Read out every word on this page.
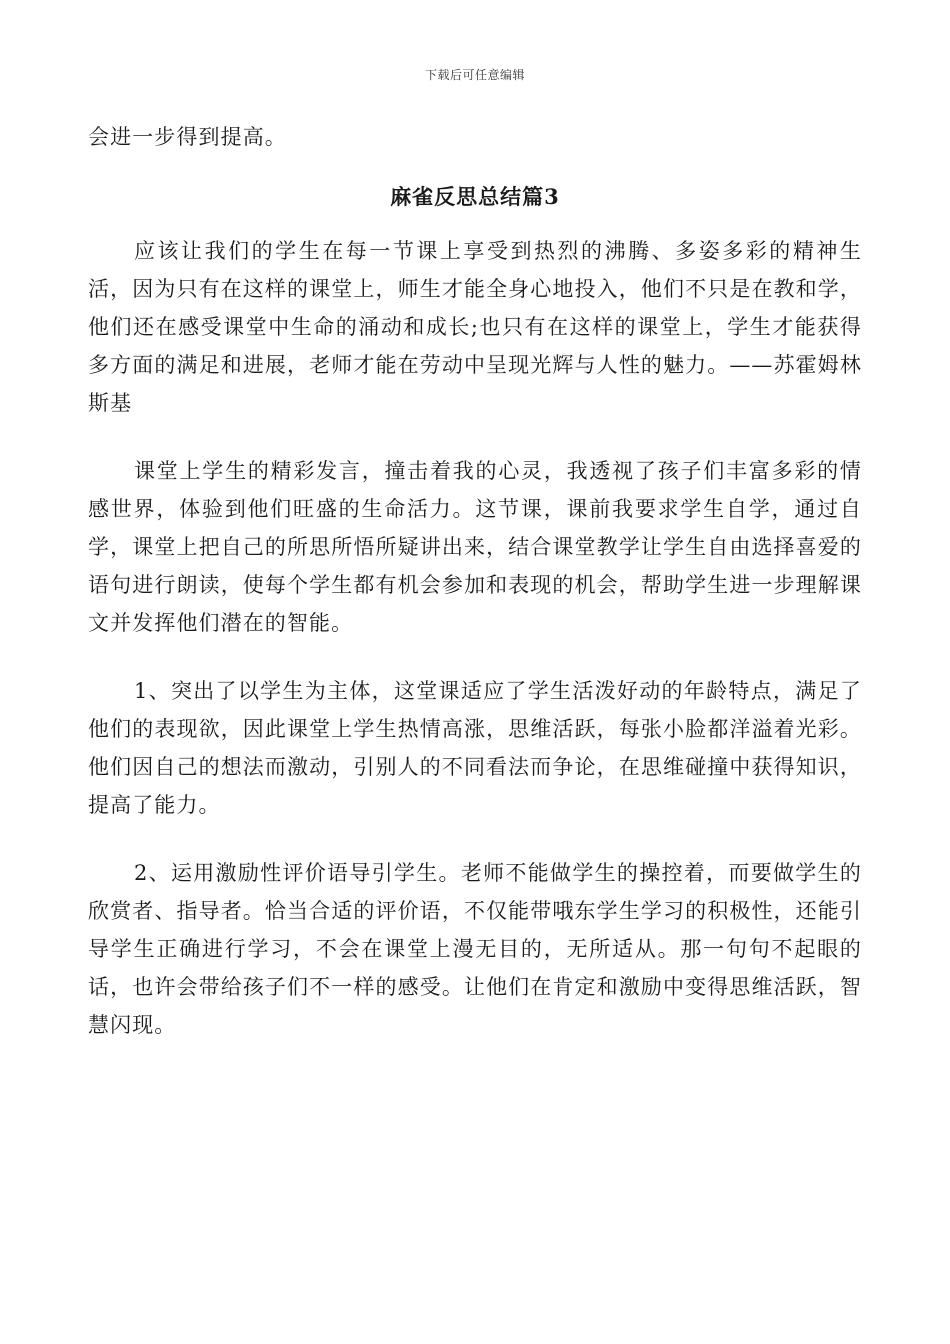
下载后可任意编辑

会进一步得到提高。

麻雀反思总结篇3

应该让我们的学生在每一节课上享受到热烈的沸腾、多姿多彩的精神生活，因为只有在这样的课堂上，师生才能全身心地投入，他们不只是在教和学，他们还在感受课堂中生命的涌动和成长;也只有在这样的课堂上，学生才能获得多方面的满足和进展，老师才能在劳动中呈现光辉与人性的魅力。——苏霍姆林斯基

课堂上学生的精彩发言，撞击着我的心灵，我透视了孩子们丰富多彩的情感世界，体验到他们旺盛的生命活力。这节课，课前我要求学生自学，通过自学，课堂上把自己的所思所悟所疑讲出来，结合课堂教学让学生自由选择喜爱的语句进行朗读，使每个学生都有机会参加和表现的机会，帮助学生进一步理解课文并发挥他们潜在的智能。

1、突出了以学生为主体，这堂课适应了学生活泼好动的年龄特点，满足了他们的表现欲，因此课堂上学生热情高涨，思维活跃，每张小脸都洋溢着光彩。他们因自己的想法而激动，引别人的不同看法而争论，在思维碰撞中获得知识，提高了能力。

2、运用激励性评价语导引学生。老师不能做学生的操控着，而要做学生的欣赏者、指导者。恰当合适的评价语，不仅能带哦东学生学习的积极性，还能引导学生正确进行学习，不会在课堂上漫无目的，无所适从。那一句句不起眼的话，也许会带给孩子们不一样的感受。让他们在肯定和激励中变得思维活跃，智慧闪现。
